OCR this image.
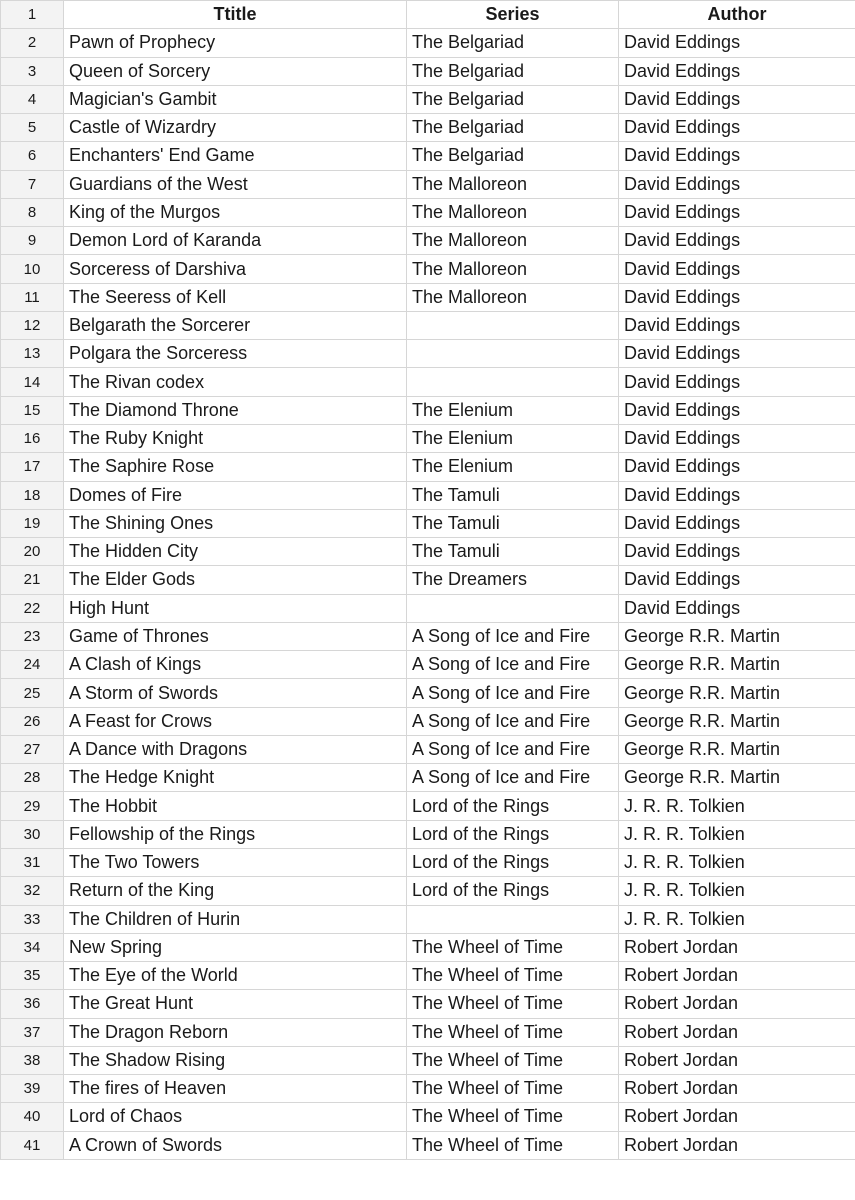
1	Ttitle	Series	Author
2	Pawn of Prophecy	The Belgariad	David Eddings
3	Queen of Sorcery	The Belgariad	David Eddings
4	Magician's Gambit	The Belgariad	David Eddings
5	Castle of Wizardry	The Belgariad	David Eddings
6	Enchanters' End Game	The Belgariad	David Eddings
7	Guardians of the West	The Malloreon	David Eddings
8	King of the Murgos	The Malloreon	David Eddings
9	Demon Lord of Karanda	The Malloreon	David Eddings
10	Sorceress of Darshiva	The Malloreon	David Eddings
11	The Seeress of Kell	The Malloreon	David Eddings
12	Belgarath the Sorcerer		David Eddings
13	Polgara the Sorceress		David Eddings
14	The Rivan codex		David Eddings
15	The Diamond Throne	The Elenium	David Eddings
16	The Ruby Knight	The Elenium	David Eddings
17	The Saphire Rose	The Elenium	David Eddings
18	Domes of Fire	The Tamuli	David Eddings
19	The Shining Ones	The Tamuli	David Eddings
20	The Hidden City	The Tamuli	David Eddings
21	The Elder Gods	The Dreamers	David Eddings
22	High Hunt		David Eddings
23	Game of Thrones	A Song of Ice and Fire	George R.R. Martin
24	A Clash of Kings	A Song of Ice and Fire	George R.R. Martin
25	A Storm of Swords	A Song of Ice and Fire	George R.R. Martin
26	A Feast for Crows	A Song of Ice and Fire	George R.R. Martin
27	A Dance with Dragons	A Song of Ice and Fire	George R.R. Martin
28	The Hedge Knight	A Song of Ice and Fire	George R.R. Martin
29	The Hobbit	Lord of the Rings	J. R. R. Tolkien
30	Fellowship of the Rings	Lord of the Rings	J. R. R. Tolkien
31	The Two Towers	Lord of the Rings	J. R. R. Tolkien
32	Return of the King	Lord of the Rings	J. R. R. Tolkien
33	The Children of Hurin		J. R. R. Tolkien
34	New Spring	The Wheel of Time	Robert Jordan
35	The Eye of the World	The Wheel of Time	Robert Jordan
36	The Great Hunt	The Wheel of Time	Robert Jordan
37	The Dragon Reborn	The Wheel of Time	Robert Jordan
38	The Shadow Rising	The Wheel of Time	Robert Jordan
39	The fires of Heaven	The Wheel of Time	Robert Jordan
40	Lord of Chaos	The Wheel of Time	Robert Jordan
41	A Crown of Swords	The Wheel of Time	Robert Jordan
